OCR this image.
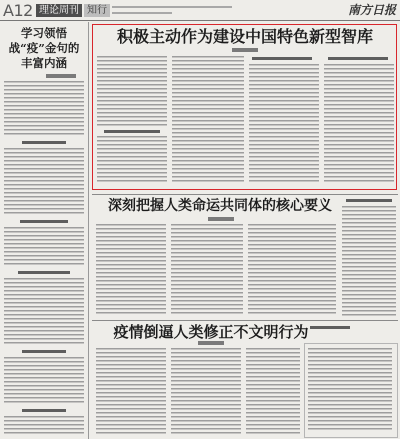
A12 理论周刊 知行	南方日报
学习领悟
战“疫”金句的
丰富内涵
积极主动作为建设中国特色新型智库
深刻把握人类命运共同体的核心要义
疫情倒逼人类修正不文明行为
